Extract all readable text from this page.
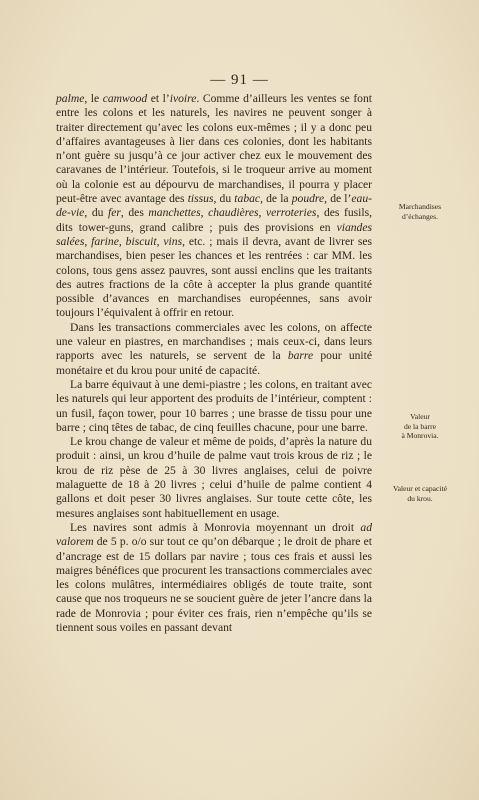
— 91 —

palme, le camwood et l’ivoire. Comme d’ailleurs les ventes se font entre les colons et les naturels, les navires ne peuvent songer à traiter directement qu’avec les colons eux-mêmes ; il y a donc peu d’affaires avantageuses à lier dans ces colonies, dont les habitants n’ont guère su jusqu’à ce jour activer chez eux le mouvement des caravanes de l’intérieur. Toutefois, si le troqueur arrive au moment où la colonie est au dépourvu de marchandises, il pourra y placer peut-être avec avantage des tissus, du tabac, de la poudre, de l’eau-de-vie, du fer, des manchettes, chaudières, verroteries, des fusils, dits tower-guns, grand calibre ; puis des provisions en viandes salées, farine, biscuit, vins, etc. ; mais il devra, avant de livrer ses marchandises, bien peser les chances et les rentrées : car MM. les colons, tous gens assez pauvres, sont aussi enclins que les traitants des autres fractions de la côte à accepter la plus grande quantité possible d’avances en marchandises européennes, sans avoir toujours l’équivalent à offrir en retour.

Dans les transactions commerciales avec les colons, on affecte une valeur en piastres, en marchandises ; mais ceux-ci, dans leurs rapports avec les naturels, se servent de la barre pour unité monétaire et du krou pour unité de capacité.

La barre équivaut à une demi-piastre ; les colons, en traitant avec les naturels qui leur apportent des produits de l’intérieur, comptent : un fusil, façon tower, pour 10 barres ; une brasse de tissu pour une barre ; cinq têtes de tabac, de cinq feuilles chacune, pour une barre.

Le krou change de valeur et même de poids, d’après la nature du produit : ainsi, un krou d’huile de palme vaut trois krous de riz ; le krou de riz pèse de 25 à 30 livres anglaises, celui de poivre malaguette de 18 à 20 livres ; celui d’huile de palme contient 4 gallons et doit peser 30 livres anglaises. Sur toute cette côte, les mesures anglaises sont habituellement en usage.

Les navires sont admis à Monrovia moyennant un droit ad valorem de 5 p. o/o sur tout ce qu’on débarque ; le droit de phare et d’ancrage est de 15 dollars par navire ; tous ces frais et aussi les maigres bénéfices que procurent les transactions commerciales avec les colons mulâtres, intermédiaires obligés de toute traite, sont cause que nos troqueurs ne se soucient guère de jeter l’ancre dans la rade de Monrovia ; pour éviter ces frais, rien n’empêche qu’ils se tiennent sous voiles en passant devant

Marchandises
d’échanges.
Valeur
de la barre
à Monrovia.
Valeur et capacité
du krou.
